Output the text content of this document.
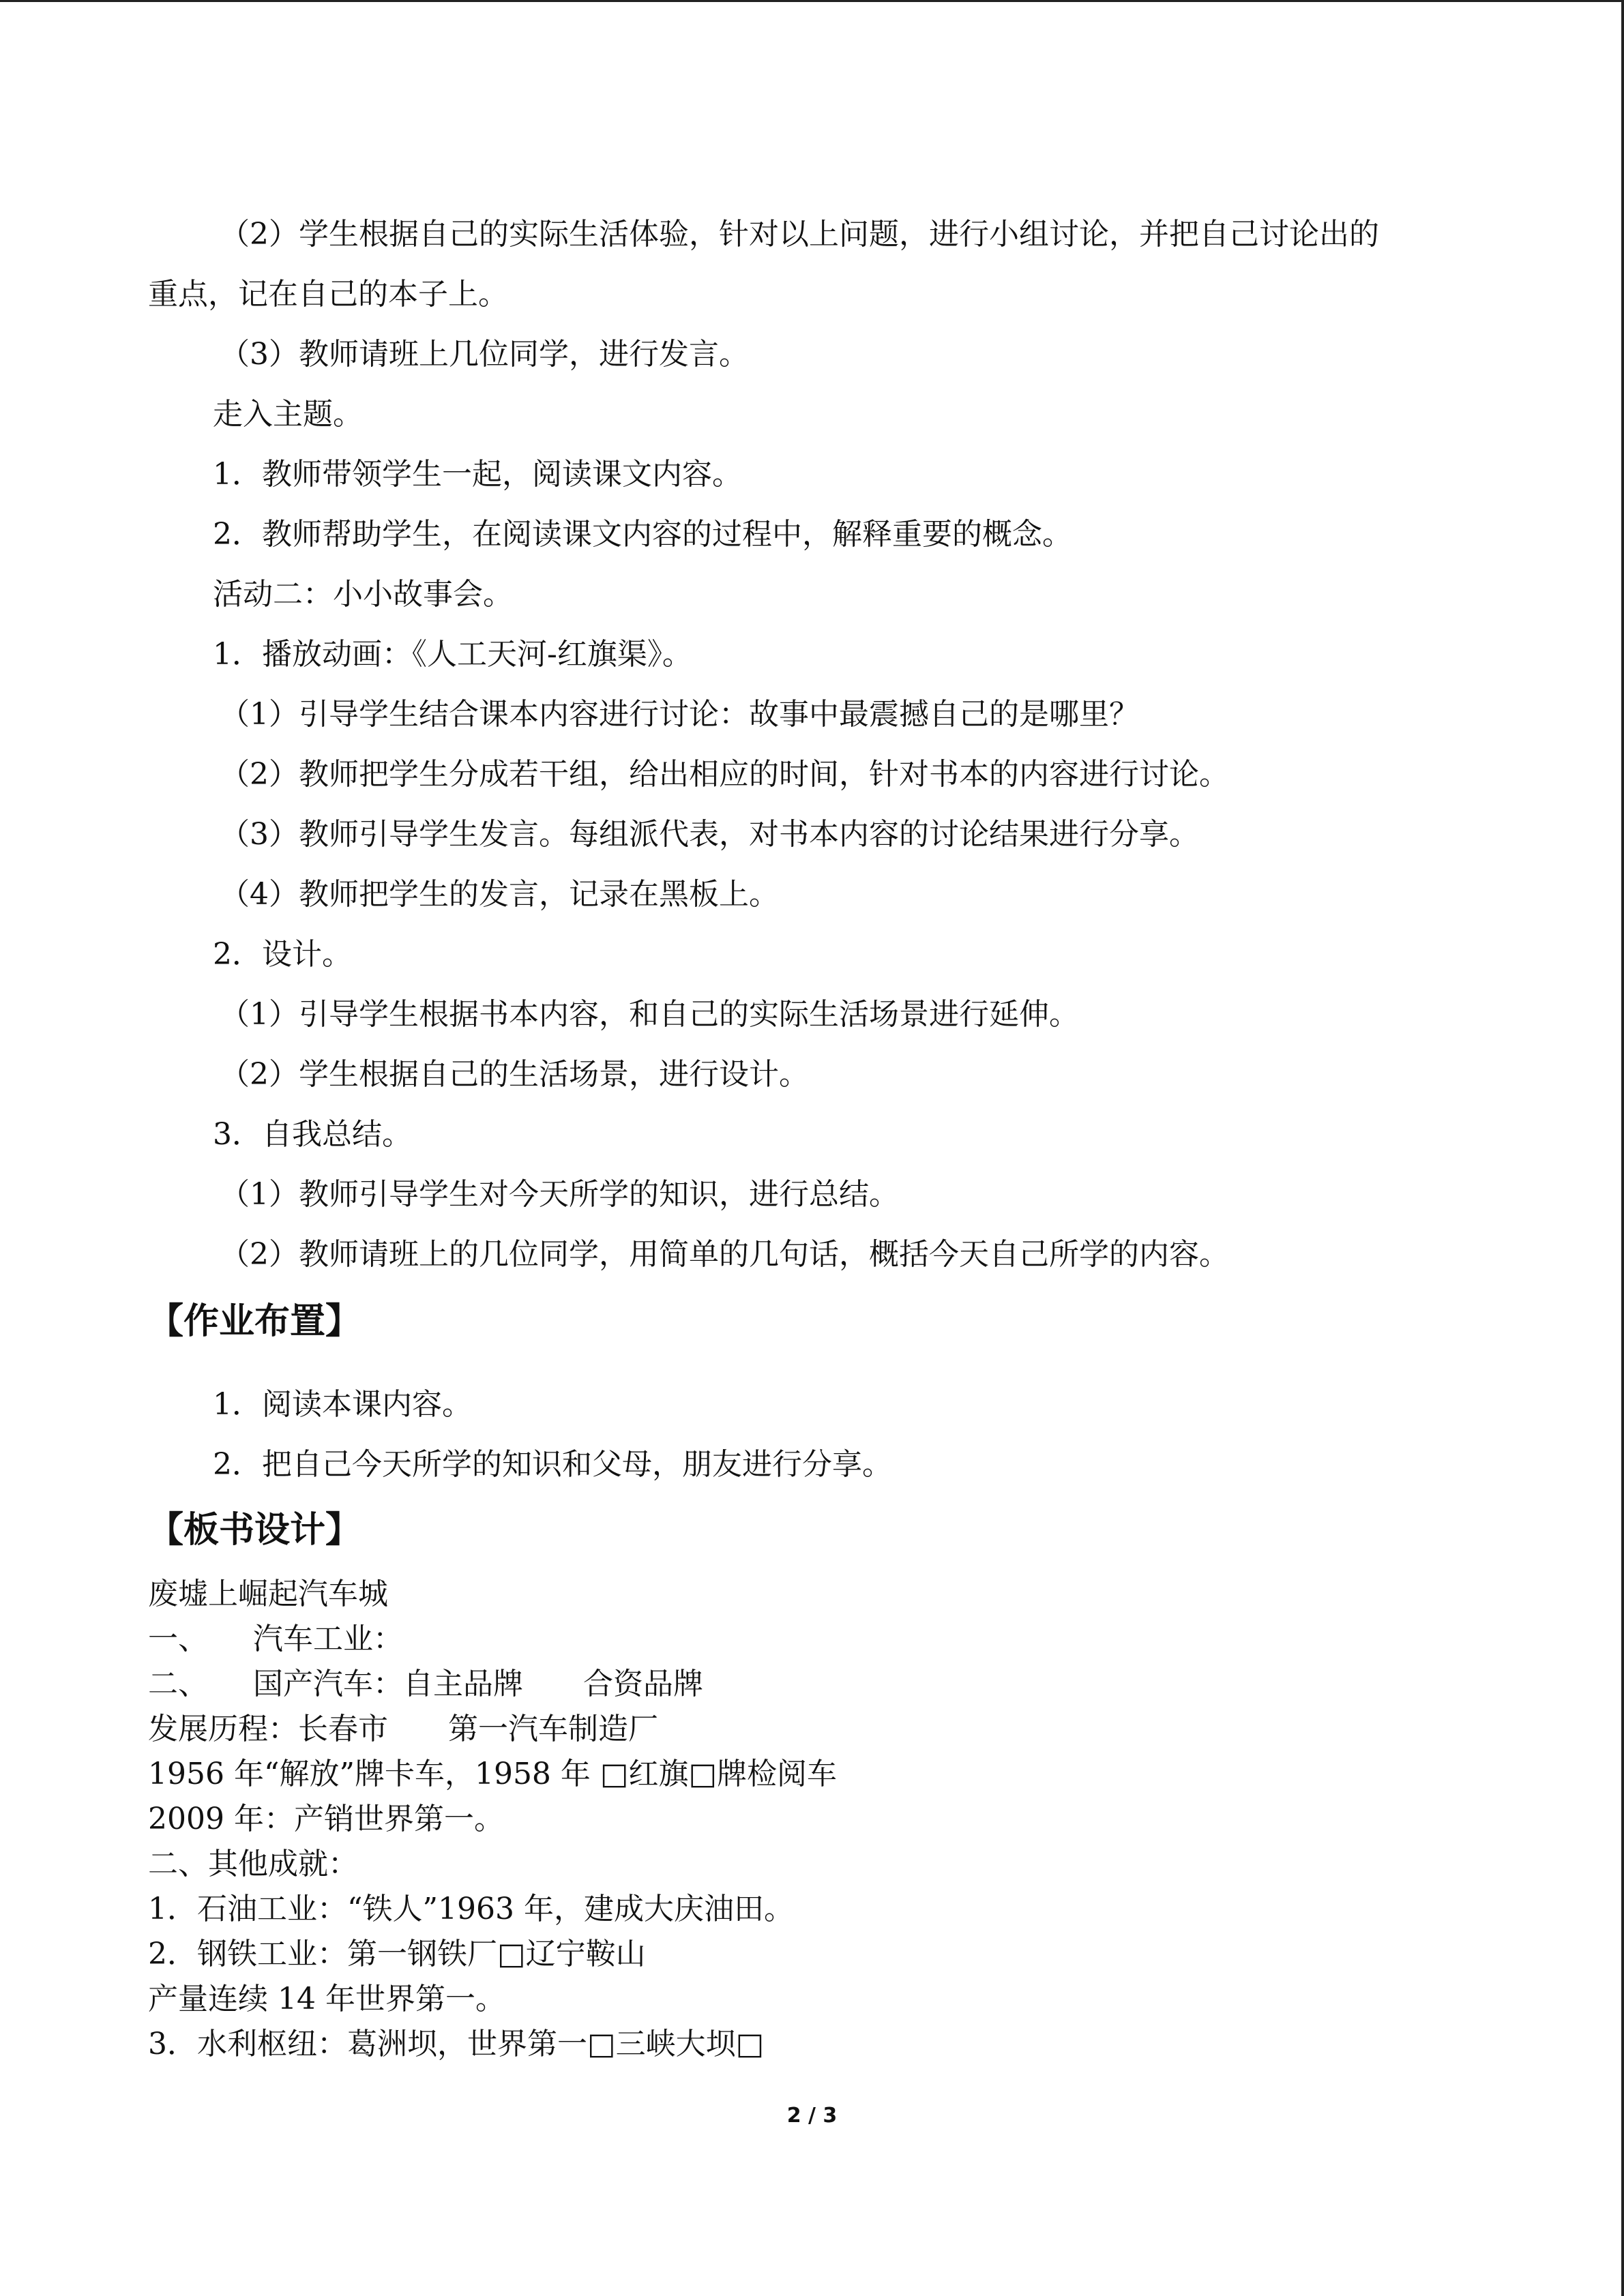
（2）学生根据自己的实际生活体验，针对以上问题，进行小组讨论，并把自己讨论出的
重点，记在自己的本子上。
（3）教师请班上几位同学，进行发言。
走入主题。
1．教师带领学生一起，阅读课文内容。
2．教师帮助学生，在阅读课文内容的过程中，解释重要的概念。
活动二：小小故事会。
1．播放动画：《人工天河-红旗渠》。
（1）引导学生结合课本内容进行讨论：故事中最震撼自己的是哪里？
（2）教师把学生分成若干组，给出相应的时间，针对书本的内容进行讨论。
（3）教师引导学生发言。每组派代表，对书本内容的讨论结果进行分享。
（4）教师把学生的发言，记录在黑板上。
2．设计。
（1）引导学生根据书本内容，和自己的实际生活场景进行延伸。
（2）学生根据自己的生活场景，进行设计。
3．自我总结。
（1）教师引导学生对今天所学的知识，进行总结。
（2）教师请班上的几位同学，用简单的几句话，概括今天自己所学的内容。
【作业布置】
1．阅读本课内容。
2．把自己今天所学的知识和父母，朋友进行分享。
【板书设计】
废墟上崛起汽车城
一、　　汽车工业：
二、　　国产汽车：自主品牌　　合资品牌
发展历程：长春市　　第一汽车制造厂
1956 年“解放”牌卡车，1958 年 □红旗□牌检阅车
2009 年：产销世界第一。
二、其他成就：
1．石油工业：“铁人”1963 年，建成大庆油田。
2．钢铁工业：第一钢铁厂□辽宁鞍山
产量连续 14 年世界第一。
3．水利枢纽：葛洲坝，世界第一□三峡大坝□
2 / 3
